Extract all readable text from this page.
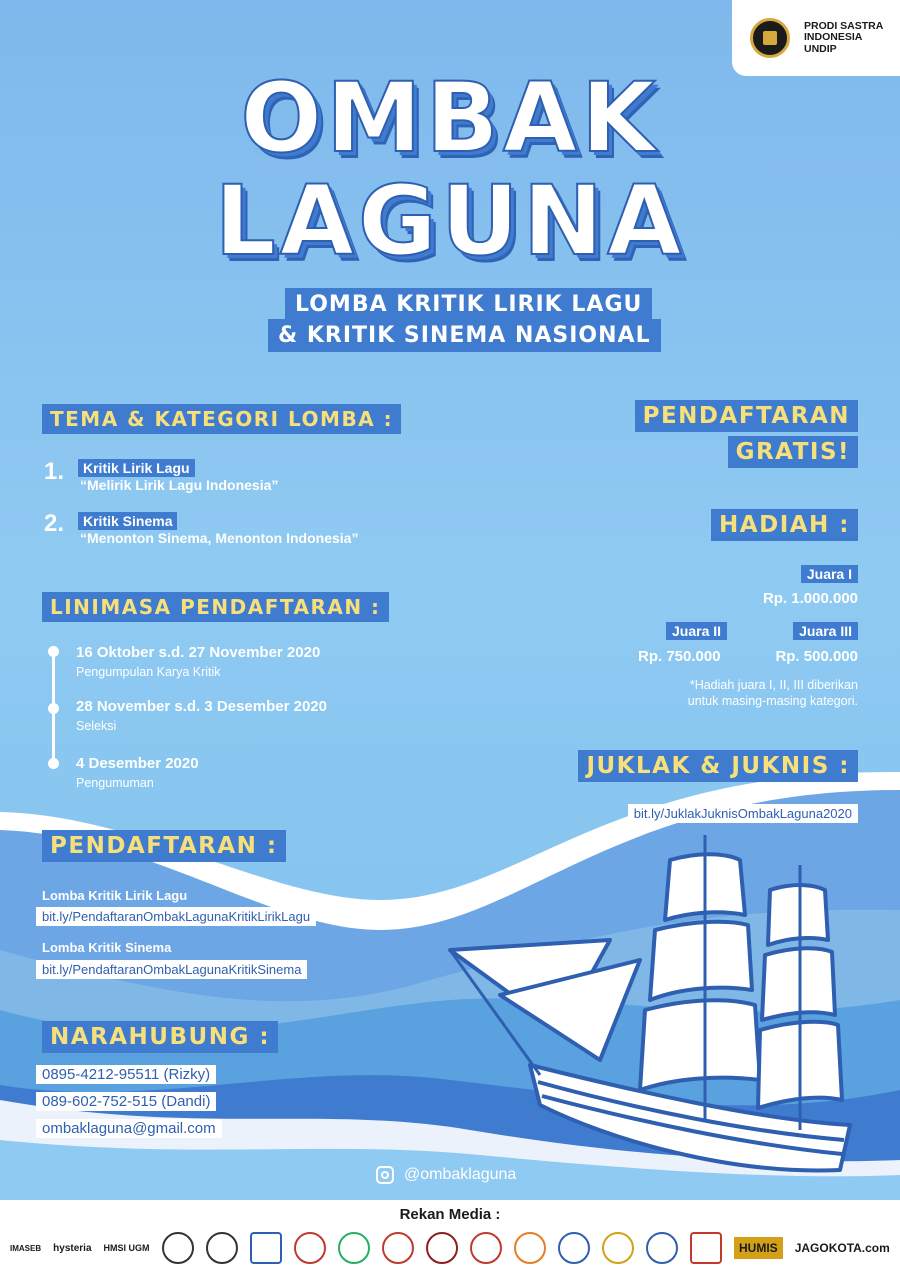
PRODI SASTRA INDONESIA UNDIP
OMBAK
LAGUNA
LOMBA KRITIK LIRIK LAGU
& KRITIK SINEMA NASIONAL
TEMA & KATEGORI LOMBA :
1.	Kritik Lirik Lagu
“Melirik Lirik Lagu Indonesia”
2.	Kritik Sinema
“Menonton Sinema, Menonton Indonesia”
LINIMASA PENDAFTARAN :
16 Oktober s.d. 27 November 2020
Pengumpulan Karya Kritik
28 November s.d. 3 Desember 2020
Seleksi
4 Desember 2020
Pengumuman
PENDAFTARAN
GRATIS!
HADIAH :
Juara I
Rp. 1.000.000
Juara II
Rp. 750.000
Juara III
Rp. 500.000
*Hadiah juara I, II, III diberikan
untuk masing-masing kategori.
JUKLAK & JUKNIS :
bit.ly/JuklakJuknisOmbakLaguna2020
PENDAFTARAN :
Lomba Kritik Lirik Lagu
bit.ly/PendaftaranOmbakLagunaKritikLirikLagu
Lomba Kritik Sinema
bit.ly/PendaftaranOmbakLagunaKritikSinema
NARAHUBUNG :
0895-4212-95511 (Rizky)
089-602-752-515 (Dandi)
ombaklaguna@gmail.com
@ombaklaguna
Rekan Media :
IMASEB hysteria HMSI UGM	HUMIS	JAGOKOTA.com
